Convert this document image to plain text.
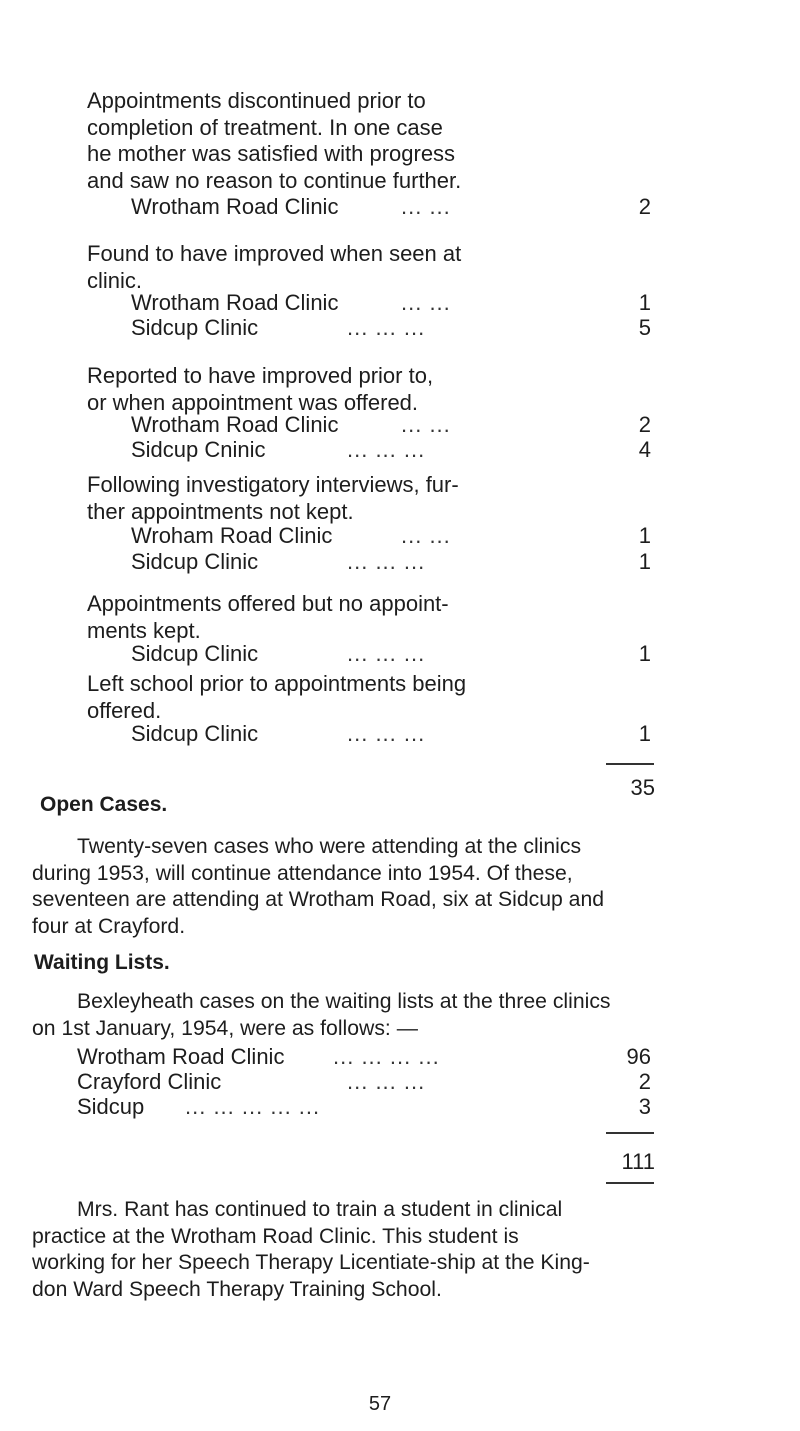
Appointments discontinued prior to
completion of treatment. In one case
he mother was satisfied with progress
and saw no reason to continue further.
Wrotham Road Clinic	... ...	2
Found to have improved when seen at
clinic.
Wrotham Road Clinic	... ...	1
Sidcup Clinic	... ... ...	5
Reported to have improved prior to,
or when appointment was offered.
Wrotham Road Clinic	... ...	2
Sidcup Cninic	... ... ...	4
Following investigatory interviews, fur-
ther appointments not kept.
Wroham Road Clinic	... ...	1
Sidcup Clinic	... ... ...	1
Appointments offered but no appoint-
ments kept.
Sidcup Clinic	... ... ...	1
Left school prior to appointments being
offered.
Sidcup Clinic	... ... ...	1
35
Open Cases.
Twenty-seven cases who were attending at the clinics
during 1953, will continue attendance into 1954. Of these,
seventeen are attending at Wrotham Road, six at Sidcup and
four at Crayford.
Waiting Lists.
Bexleyheath cases on the waiting lists at the three clinics
on 1st January, 1954, were as follows: —
Wrotham Road Clinic ... ... ... ...	96
Crayford Clinic	... ... ...	2
Sidcup ... ... ... ... ...	3
111
Mrs. Rant has continued to train a student in clinical
practice at the Wrotham Road Clinic. This student is
working for her Speech Therapy Licentiate-ship at the King-
don Ward Speech Therapy Training School.
57
